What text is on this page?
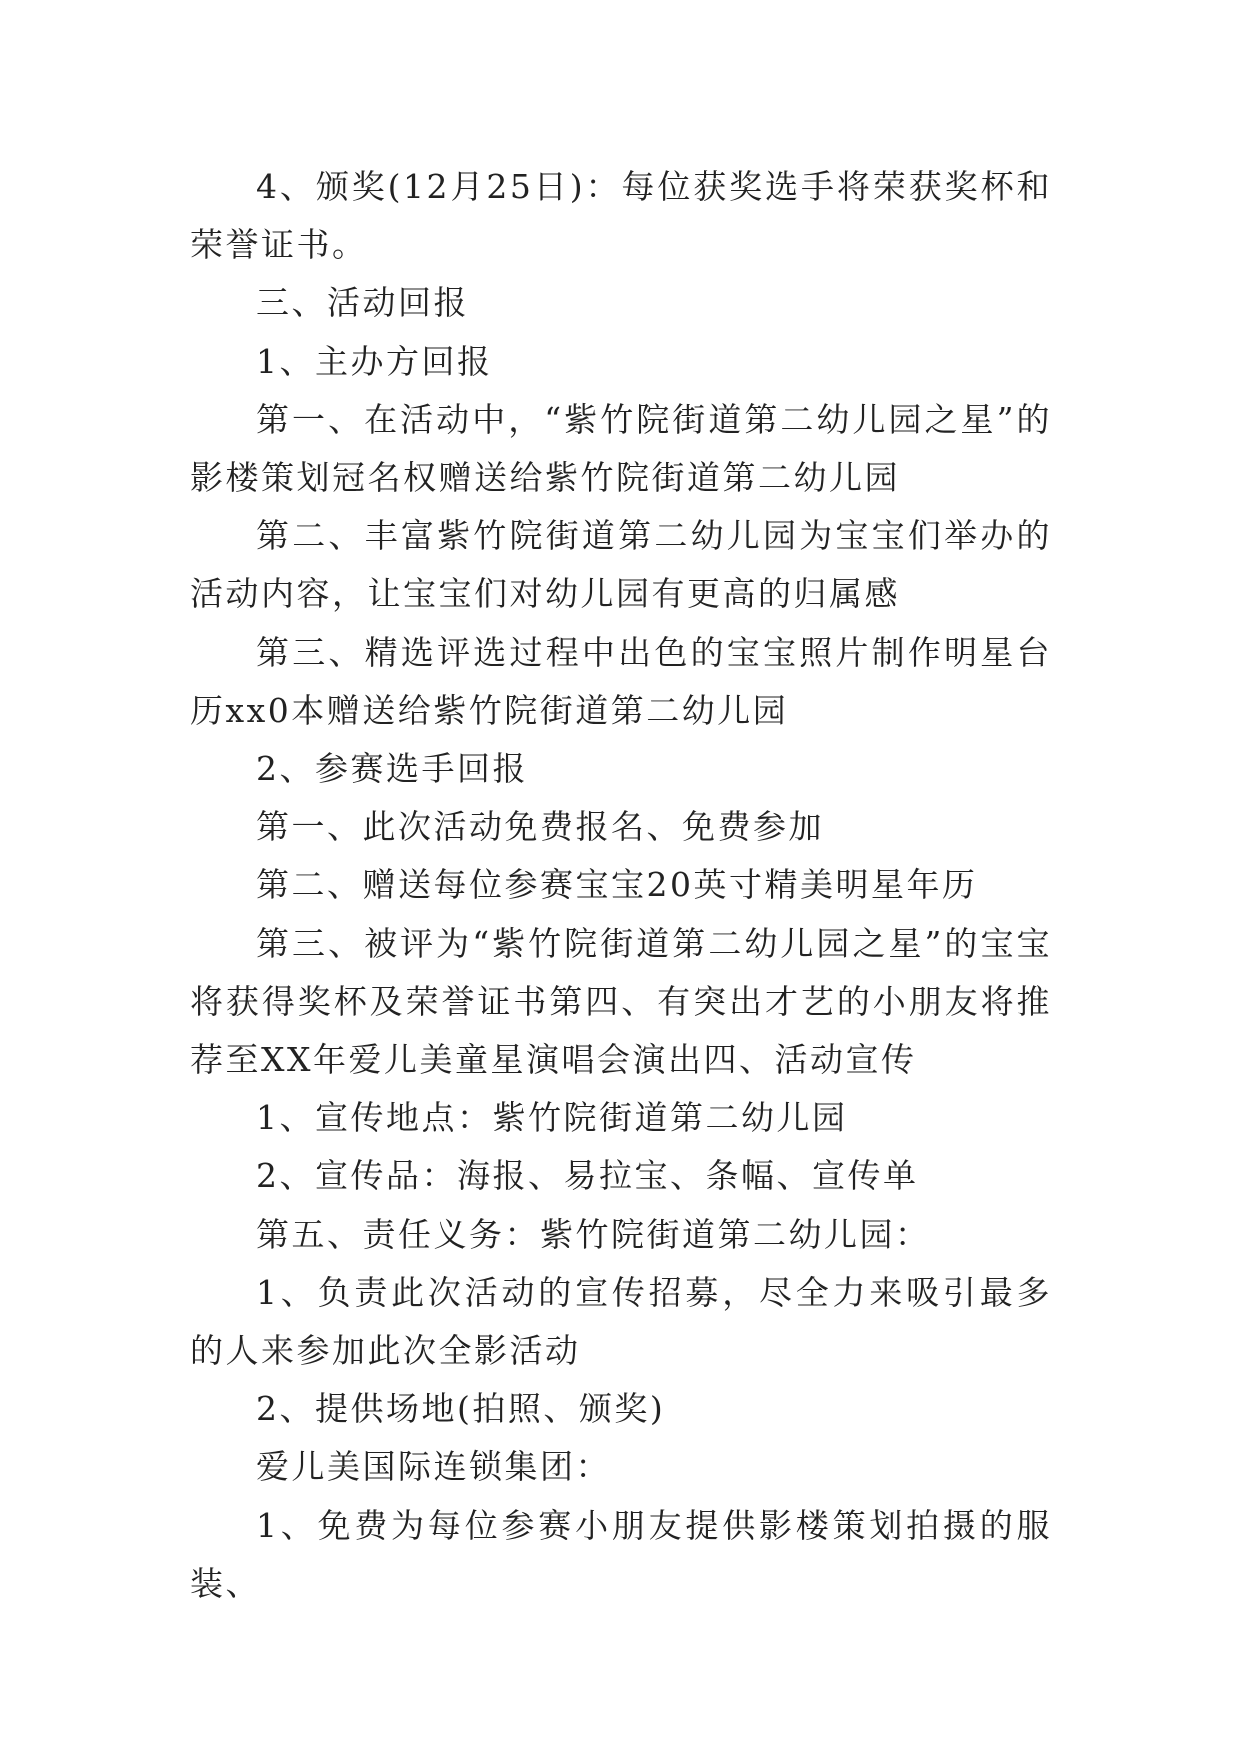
4、颁奖(12月25日)：每位获奖选手将荣获奖杯和荣誉证书。

三、活动回报

1、主办方回报

第一、在活动中，“紫竹院街道第二幼儿园之星”的影楼策划冠名权赠送给紫竹院街道第二幼儿园

第二、丰富紫竹院街道第二幼儿园为宝宝们举办的活动内容，让宝宝们对幼儿园有更高的归属感

第三、精选评选过程中出色的宝宝照片制作明星台历xx0本赠送给紫竹院街道第二幼儿园

2、参赛选手回报

第一、此次活动免费报名、免费参加

第二、赠送每位参赛宝宝20英寸精美明星年历

第三、被评为“紫竹院街道第二幼儿园之星”的宝宝将获得奖杯及荣誉证书第四、有突出才艺的小朋友将推荐至XX年爱儿美童星演唱会演出四、活动宣传

1、宣传地点：紫竹院街道第二幼儿园

2、宣传品：海报、易拉宝、条幅、宣传单

第五、责任义务：紫竹院街道第二幼儿园：

1、负责此次活动的宣传招募，尽全力来吸引最多的人来参加此次全影活动

2、提供场地(拍照、颁奖)

爱儿美国际连锁集团：

1、免费为每位参赛小朋友提供影楼策划拍摄的服装、
